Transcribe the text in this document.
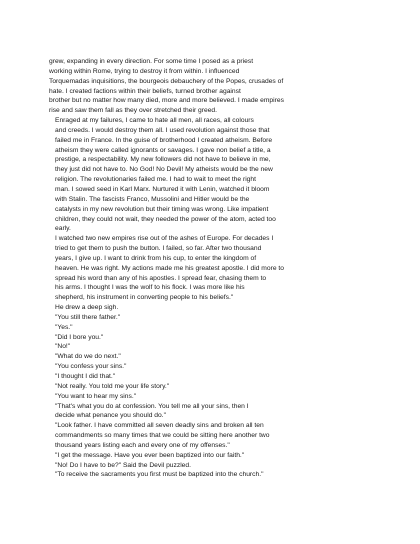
grew, expanding in every direction. For some time I posed as a priest
working within Rome, trying to destroy it from within. I influenced
Torquemadas inquisitions, the bourgeois debauchery of the Popes, crusades of
hate. I created factions within their beliefs, turned brother against
brother but no matter how many died, more and more believed. I made empires
rise and saw them fall as they over stretched their greed.

Enraged at my failures, I came to hate all men, all races, all colours
and creeds. I would destroy them all. I used revolution against those that
failed me in France. In the guise of brotherhood I created atheism. Before
atheism they were called ignorants or savages. I gave non belief a title, a
prestige, a respectability. My new followers did not have to believe in me,
they just did not have to. No God! No Devil! My atheists would be the new
religion. The revolutionaries failed me. I had to wait to meet the right
man. I sowed seed in Karl Marx. Nurtured it with Lenin, watched it bloom
with Stalin. The fascists Franco, Mussolini and Hitler would be the
catalysts in my new revolution but their timing was wrong. Like impatient
children, they could not wait, they needed the power of the atom, acted too
early.

I watched two new empires rise out of the ashes of Europe. For decades I
tried to get them to push the button. I failed, so far. After two thousand
years, I give up. I want to drink from his cup, to enter the kingdom of
heaven. He was right. My actions made me his greatest apostle. I did more to
spread his word than any of his apostles. I spread fear, chasing them to
his arms. I thought I was the wolf to his flock. I was more like his
shepherd, his instrument in converting people to his beliefs."

He drew a deep sigh.

"You still there father."

"Yes."

"Did I bore you."

"No!"

"What do we do next."

"You confess your sins."

"I thought I did that."

"Not really. You told me your life story."

"You want to hear my sins."

"That's what you do at confession. You tell me all your sins, then I
decide what penance you should do."

"Look father. I have committed all seven deadly sins and broken all ten
commandments so many times that we could be sitting here another two
thousand years listing each and every one of my offenses."

"I get the message. Have you ever been baptized into our faith."

"No! Do I have to be?" Said the Devil puzzled.

"To receive the sacraments you first must be baptized into the church."
